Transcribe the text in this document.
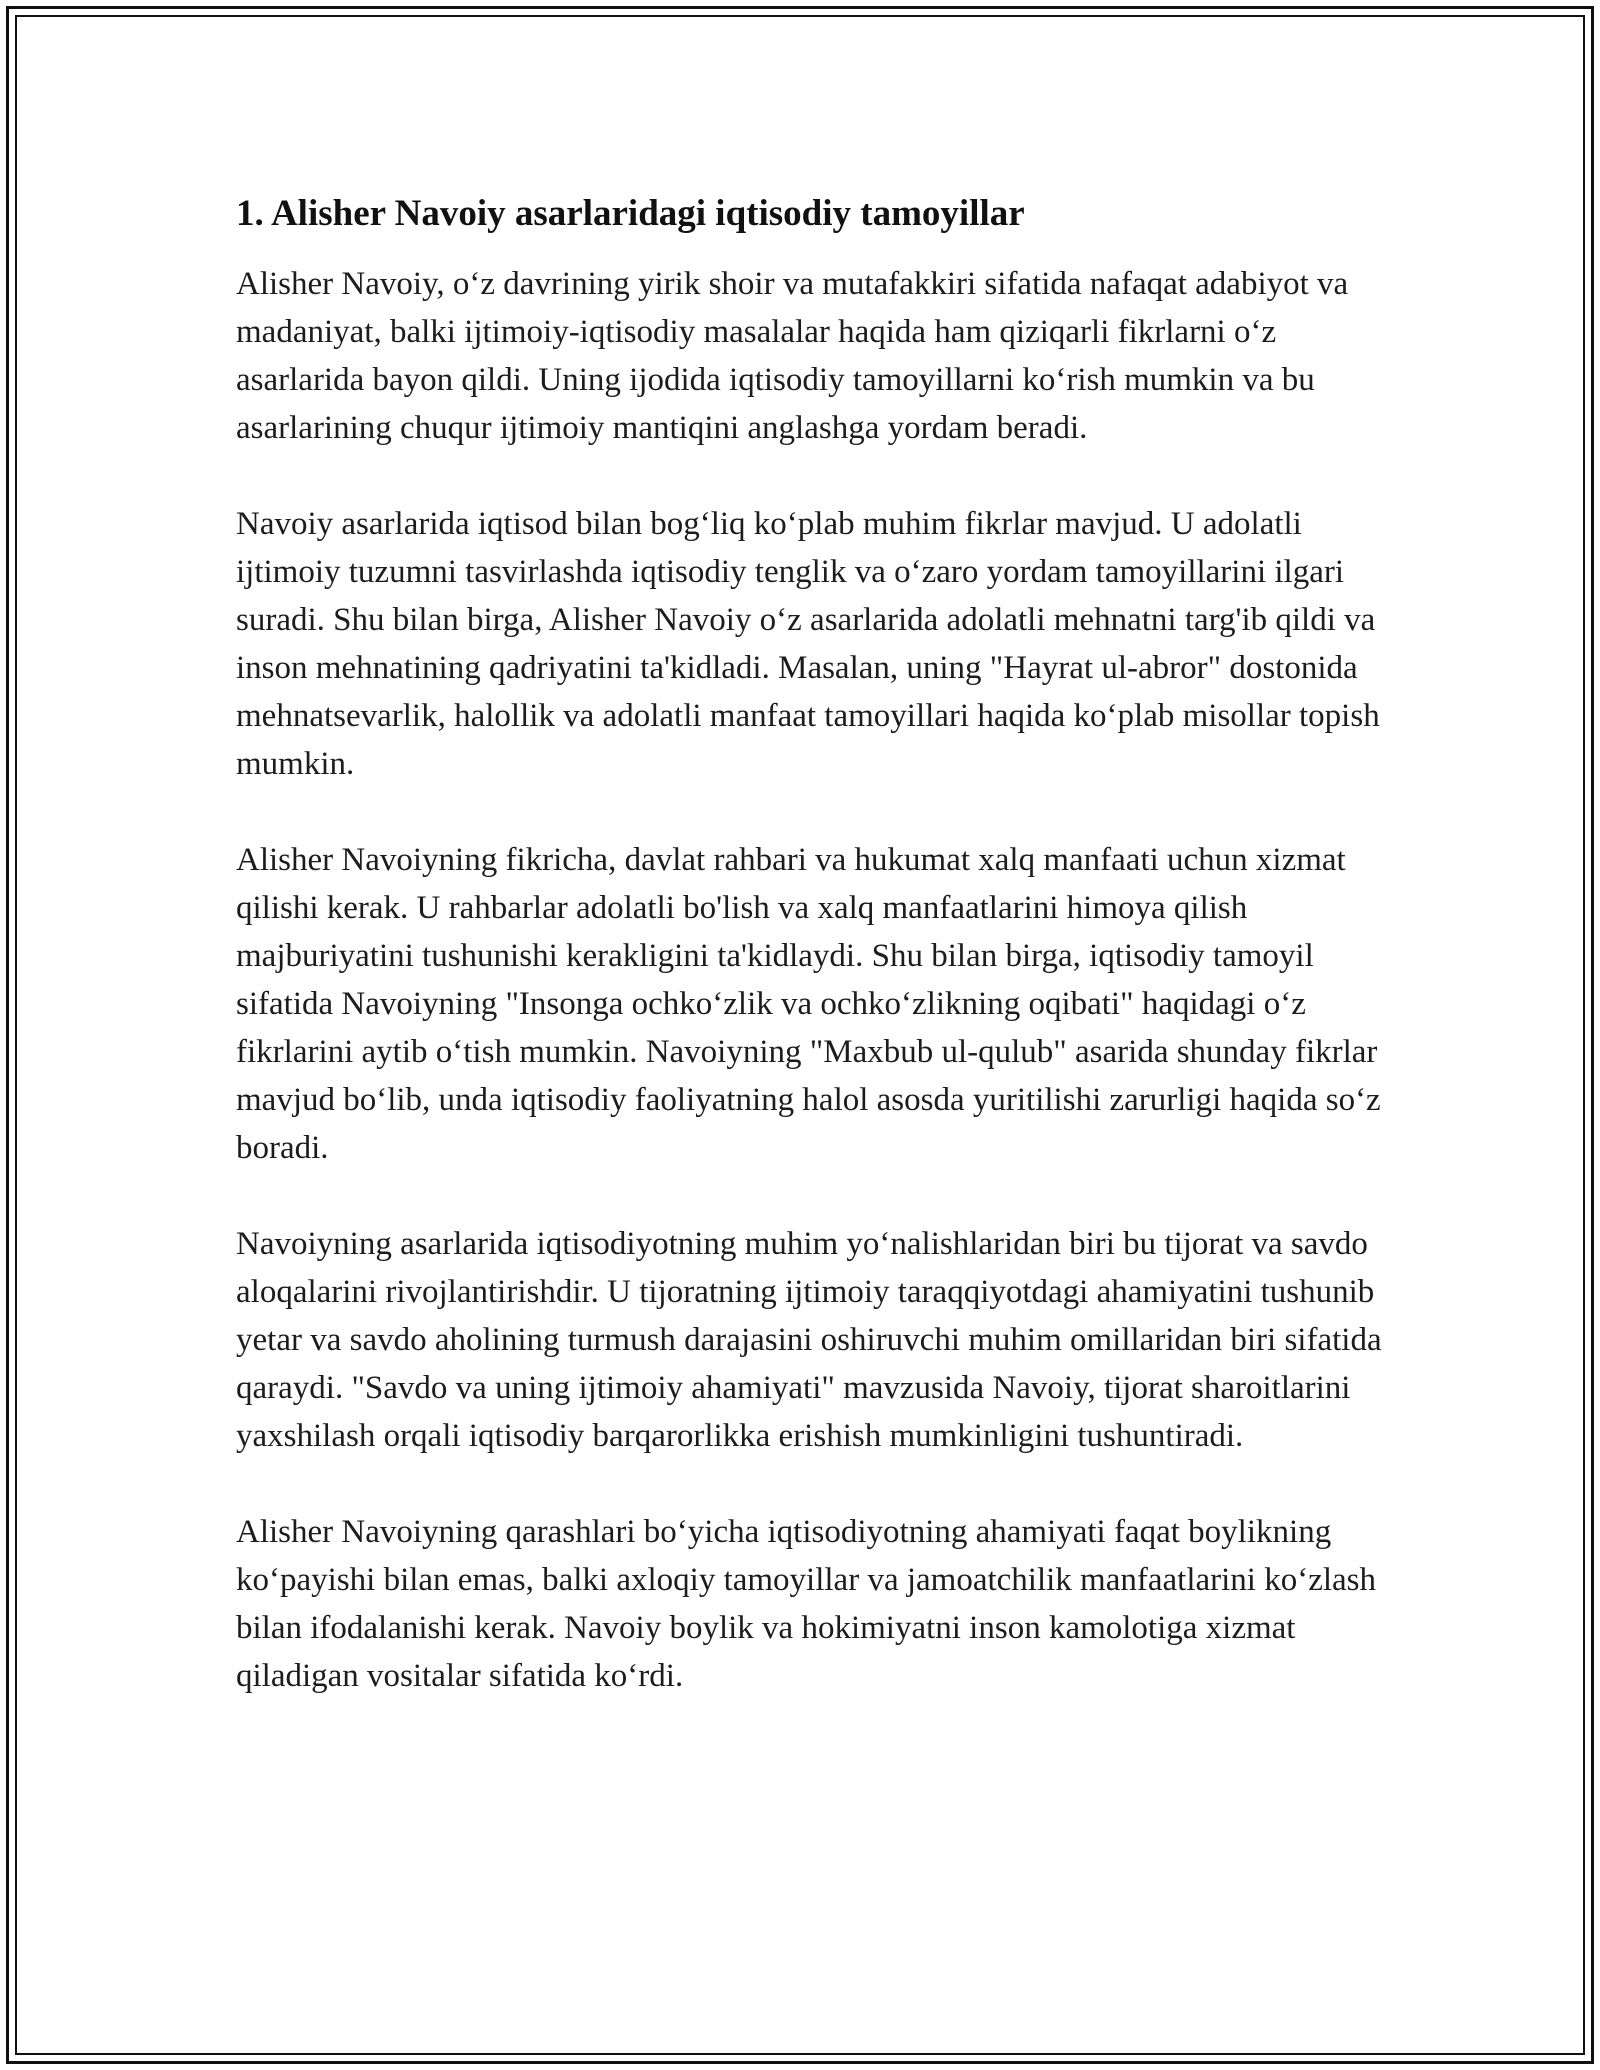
1. Alisher Navoiy asarlaridagi iqtisodiy tamoyillar

Alisher Navoiy, o‘z davrining yirik shoir va mutafakkiri sifatida nafaqat adabiyot va madaniyat, balki ijtimoiy-iqtisodiy masalalar haqida ham qiziqarli fikrlarni o‘z asarlarida bayon qildi. Uning ijodida iqtisodiy tamoyillarni ko‘rish mumkin va bu asarlarining chuqur ijtimoiy mantiqini anglashga yordam beradi.

Navoiy asarlarida iqtisod bilan bog‘liq ko‘plab muhim fikrlar mavjud. U adolatli ijtimoiy tuzumni tasvirlashda iqtisodiy tenglik va o‘zaro yordam tamoyillarini ilgari suradi. Shu bilan birga, Alisher Navoiy o‘z asarlarida adolatli mehnatni targ'ib qildi va inson mehnatining qadriyatini ta'kidladi. Masalan, uning "Hayrat ul-abror" dostonida mehnatsevarlik, halollik va adolatli manfaat tamoyillari haqida ko‘plab misollar topish mumkin.

Alisher Navoiyning fikricha, davlat rahbari va hukumat xalq manfaati uchun xizmat qilishi kerak. U rahbarlar adolatli bo'lish va xalq manfaatlarini himoya qilish majburiyatini tushunishi kerakligini ta'kidlaydi. Shu bilan birga, iqtisodiy tamoyil sifatida Navoiyning "Insonga ochko‘zlik va ochko‘zlikning oqibati" haqidagi o‘z fikrlarini aytib o‘tish mumkin. Navoiyning "Maxbub ul-qulub" asarida shunday fikrlar mavjud bo‘lib, unda iqtisodiy faoliyatning halol asosda yuritilishi zarurligi haqida so‘z boradi.

Navoiyning asarlarida iqtisodiyotning muhim yo‘nalishlaridan biri bu tijorat va savdo aloqalarini rivojlantirishdir. U tijoratning ijtimoiy taraqqiyotdagi ahamiyatini tushunib yetar va savdo aholining turmush darajasini oshiruvchi muhim omillaridan biri sifatida qaraydi. "Savdo va uning ijtimoiy ahamiyati" mavzusida Navoiy, tijorat sharoitlarini yaxshilash orqali iqtisodiy barqarorlikka erishish mumkinligini tushuntiradi.

Alisher Navoiyning qarashlari bo‘yicha iqtisodiyotning ahamiyati faqat boylikning ko‘payishi bilan emas, balki axloqiy tamoyillar va jamoatchilik manfaatlarini ko‘zlash bilan ifodalanishi kerak. Navoiy boylik va hokimiyatni inson kamolotiga xizmat qiladigan vositalar sifatida ko‘rdi.
